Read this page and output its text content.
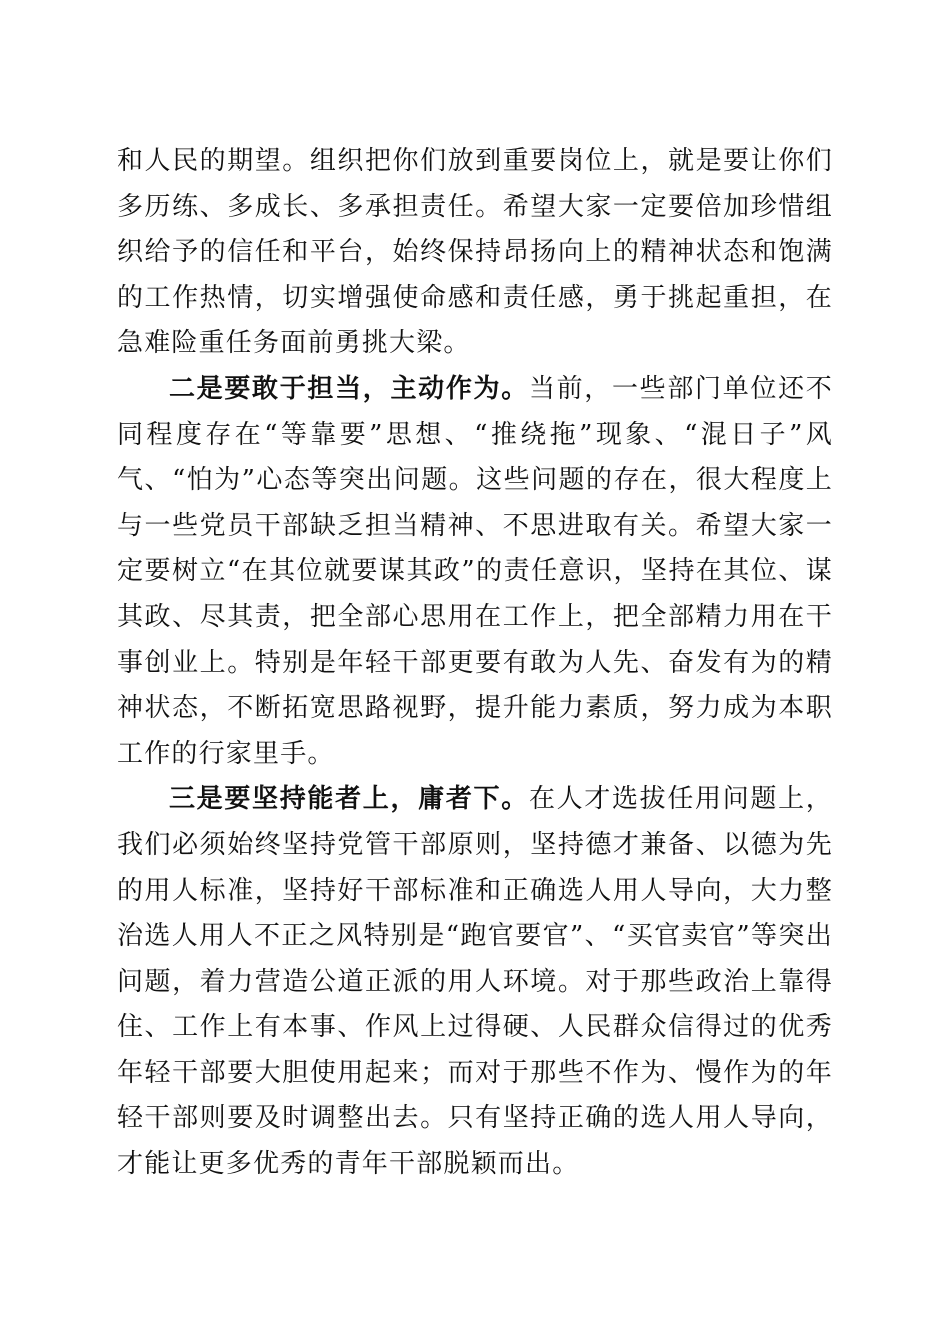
和人民的期望。组织把你们放到重要岗位上，就是要让你们多历练、多成长、多承担责任。希望大家一定要倍加珍惜组织给予的信任和平台，始终保持昂扬向上的精神状态和饱满的工作热情，切实增强使命感和责任感，勇于挑起重担，在急难险重任务面前勇挑大梁。

二是要敢于担当，主动作为。当前，一些部门单位还不同程度存在“等靠要”思想、“推绕拖”现象、“混日子”风气、“怕为”心态等突出问题。这些问题的存在，很大程度上与一些党员干部缺乏担当精神、不思进取有关。希望大家一定要树立“在其位就要谋其政”的责任意识，坚持在其位、谋其政、尽其责，把全部心思用在工作上，把全部精力用在干事创业上。特别是年轻干部更要有敢为人先、奋发有为的精神状态，不断拓宽思路视野，提升能力素质，努力成为本职工作的行家里手。

三是要坚持能者上，庸者下。在人才选拔任用问题上，我们必须始终坚持党管干部原则，坚持德才兼备、以德为先的用人标准，坚持好干部标准和正确选人用人导向，大力整治选人用人不正之风特别是“跑官要官”、“买官卖官”等突出问题，着力营造公道正派的用人环境。对于那些政治上靠得住、工作上有本事、作风上过得硬、人民群众信得过的优秀年轻干部要大胆使用起来；而对于那些不作为、慢作为的年轻干部则要及时调整出去。只有坚持正确的选人用人导向，才能让更多优秀的青年干部脱颖而出。
